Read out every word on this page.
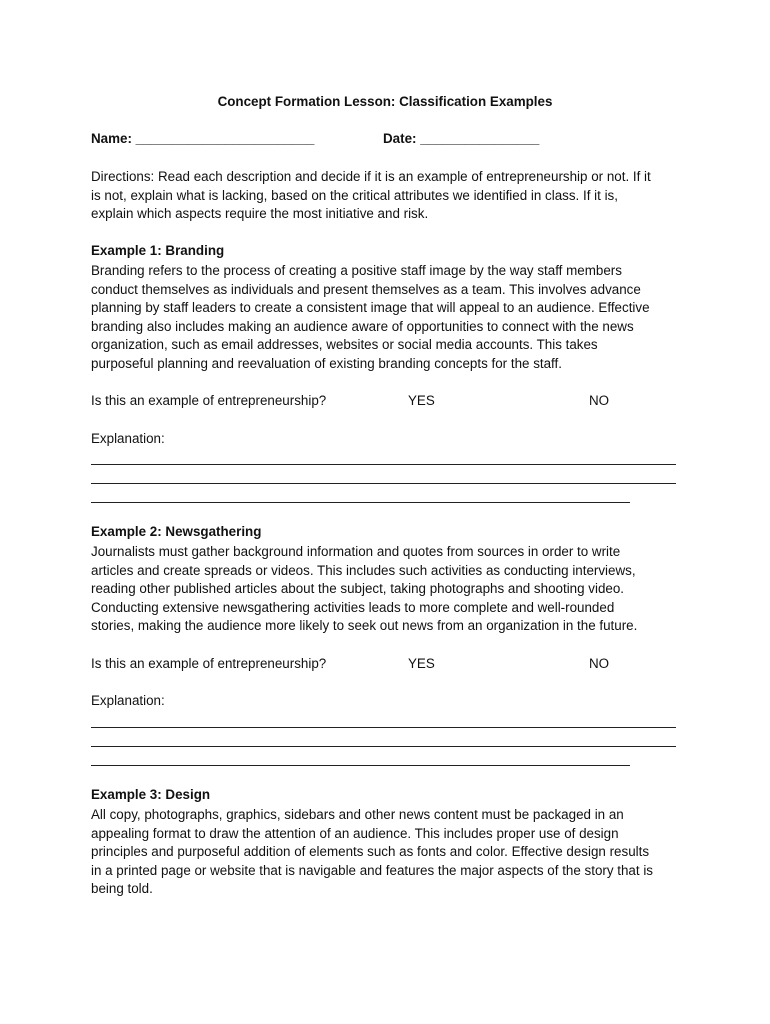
Concept Formation Lesson: Classification Examples
Name: ________________________	Date: ________________
Directions: Read each description and decide if it is an example of entrepreneurship or not. If it
is not, explain what is lacking, based on the critical attributes we identified in class. If it is,
explain which aspects require the most initiative and risk.
Example 1: Branding
Branding refers to the process of creating a positive staff image by the way staff members
conduct themselves as individuals and present themselves as a team. This involves advance
planning by staff leaders to create a consistent image that will appeal to an audience. Effective
branding also includes making an audience aware of opportunities to connect with the news
organization, such as email addresses, websites or social media accounts. This takes
purposeful planning and reevaluation of existing branding concepts for the staff.
Is this an example of entrepreneurship?	YES	NO
Explanation:
Example 2: Newsgathering
Journalists must gather background information and quotes from sources in order to write
articles and create spreads or videos. This includes such activities as conducting interviews,
reading other published articles about the subject, taking photographs and shooting video.
Conducting extensive newsgathering activities leads to more complete and well-rounded
stories, making the audience more likely to seek out news from an organization in the future.
Is this an example of entrepreneurship?	YES	NO
Explanation:
Example 3: Design
All copy, photographs, graphics, sidebars and other news content must be packaged in an
appealing format to draw the attention of an audience. This includes proper use of design
principles and purposeful addition of elements such as fonts and color. Effective design results
in a printed page or website that is navigable and features the major aspects of the story that is
being told.
